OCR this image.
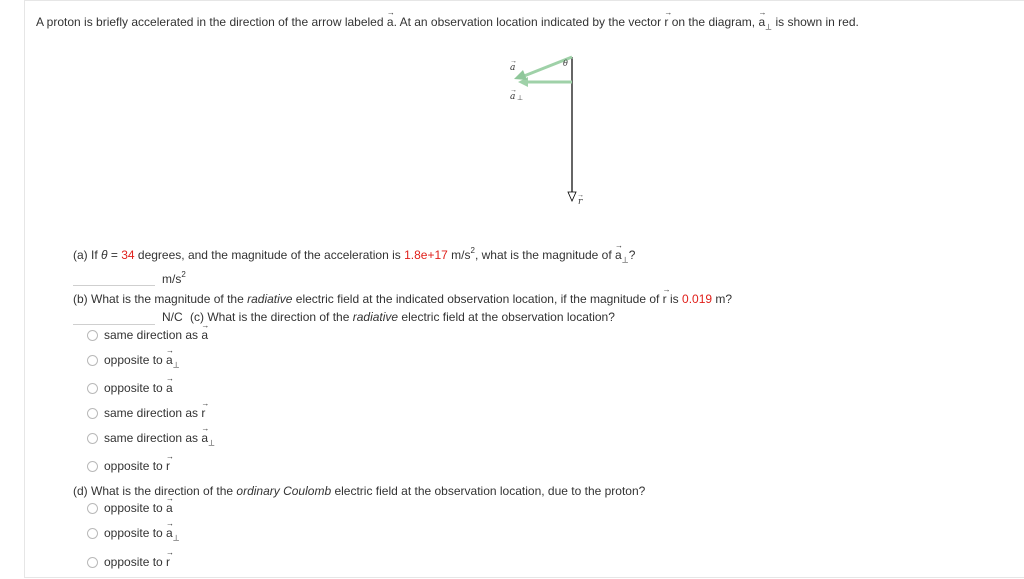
A proton is briefly accelerated in the direction of the arrow labeled → a. At an observation location indicated by the vector → r on the diagram, → $a_\perp$ is shown in red.
a
→
a
→
⊥
θ
r
→
(a) If θ = 34 degrees, and the magnitude of the acceleration is 1.8e+17 $m/s^2$, what is the magnitude of → $a_\perp$?
$m/s^2$
(b) What is the magnitude of the radiative electric field at the indicated observation location, if the magnitude of → r is 0.019 m?
N/C (c) What is the direction of the radiative electric field at the observation location?
same direction as → a
opposite to → $a_\perp$
opposite to → a
same direction as → r
same direction as → $a_\perp$
opposite to → r
(d) What is the direction of the ordinary Coulomb electric field at the observation location, due to the proton?
opposite to → a
opposite to → $a_\perp$
opposite to → r
